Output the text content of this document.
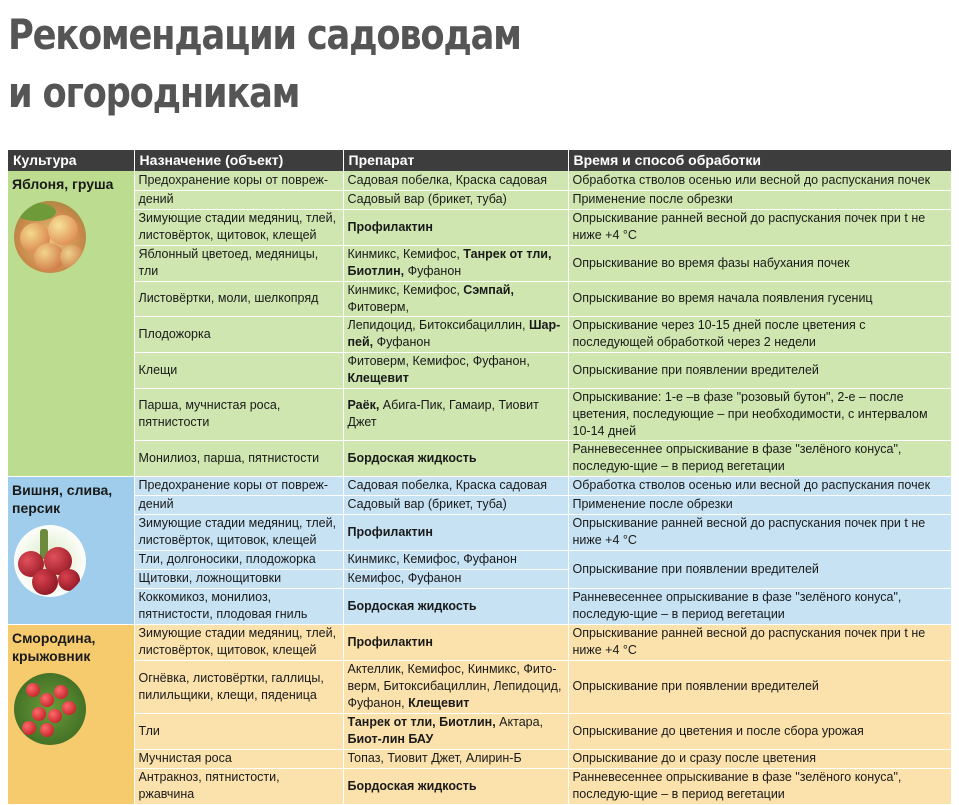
Рекомендации садоводам
и огородникам
Культура	Назначение (объект)	Препарат	Время и способ обработки

Яблоня, груша	Предохранение коры от повреж-	Садовая побелка, Краска садовая	Обработка стволов осенью или весной до распускания почек
	дений	Садовый вар (брикет, туба)	Применение после обрезки
	Зимующие стадии медяниц, тлей, листовёртoк, щитовок, клещей	Профилактин	Опрыскивание ранней весной до распускания почек при t не ниже +4 °С
	Яблонный цветоед, медяницы, тли	Кинмикс, Кемифос, Танрек от тли, Биотлин, Фуфанон	Опрыскивание во время фазы набухания почек
	Листовёртки, моли, шелкопряд	Кинмикс, Кемифос, Сэмпай, Фитоверм,	Опрыскивание во время начала появления гусениц
	Плодожорка	Лепидоцид, Битоксибациллин, Шар-пей, Фуфанон	Опрыскивание через 10-15 дней после цветения с последующей обработкой через 2 недели
	Клещи	Фитоверм, Кемифос, Фуфанон, Клещевит	Опрыскивание при появлении вредителей
	Парша, мучнистая роса, пятнистости	Раёк, Абига-Пик, Гамаир, Тиовит Джет	Опрыскивание: 1-е –в фазе "розовый бутон", 2-е – после цветения, последующие – при необходимости, с интервалом 10-14 дней
	Монилиоз, парша, пятнистости	Бордоская жидкость	Ранневесеннее опрыскивание в фазе "зелёного конуса", последую-щие – в период вегетации

Вишня, слива, персик	Предохранение коры от повреж-	Садовая побелка, Краска садовая	Обработка стволов осенью или весной до распускания почек
	дений	Садовый вар (брикет, туба)	Применение после обрезки
	Зимующие стадии медяниц, тлей, листовёртoк, щитовок, клещей	Профилактин	Опрыскивание ранней весной до распускания почек при t не ниже +4 °С
	Тли, долгоносики, плодожорка	Кинмикс, Кемифос, Фуфанон	Опрыскивание при появлении вредителей
	Щитовки, ложнощитовки	Кемифос, Фуфанон	
	Коккомикоз, монилиоз, пятнистости, плодовая гниль	Бордоская жидкость	Ранневесеннее опрыскивание в фазе "зелёного конуса", последую-щие – в период вегетации

Смородина, крыжовник	Зимующие стадии медяниц, тлей, листовёртoк, щитовок, клещей	Профилактин	Опрыскивание ранней весной до распускания почек при t не ниже +4 °С
	Огнёвка, листовёртки, галлицы, пилильщики, клещи, пяденица	Актеллик, Кемифос, Кинмикс, Фито-верм, Битоксибациллин, Лепидоцид, Фуфанон, Клещевит	Опрыскивание при появлении вредителей
	Тли	Танрек от тли, Биотлин, Актара, Биот-лин БАУ	Опрыскивание до цветения и после сбора урожая
	Мучнистая роса	Топаз, Тиовит Джет, Алирин-Б	Опрыскивание до и сразу после цветения
	Антракноз, пятнистости, ржавчина	Бордоская жидкость	Ранневесеннее опрыскивание в фазе "зелёного конуса", последую-щие – в период вегетации
